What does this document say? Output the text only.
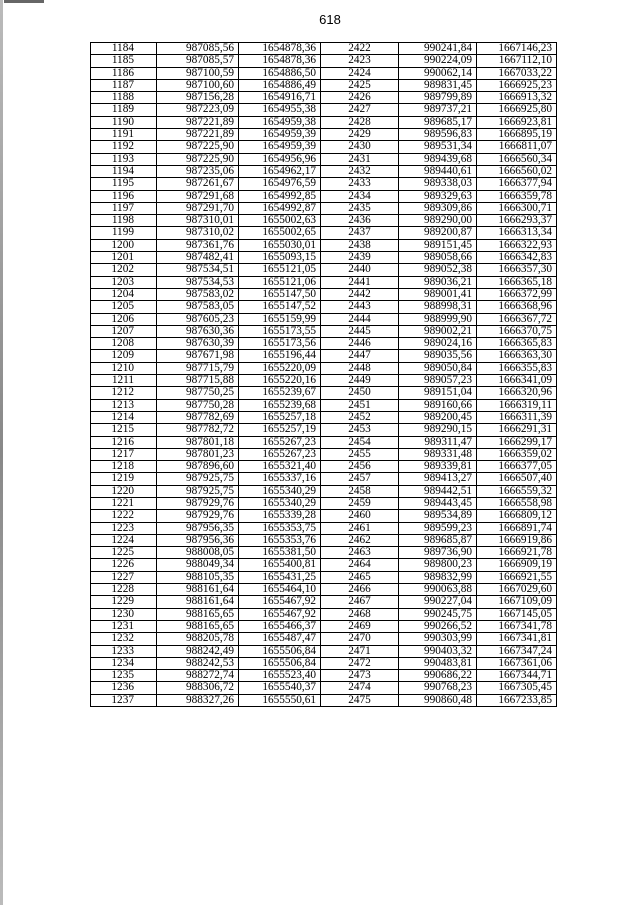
618
1184	987085,56	1654878,36	2422	990241,84	1667146,23
1185	987085,57	1654878,36	2423	990224,09	1667112,10
1186	987100,59	1654886,50	2424	990062,14	1667033,22
1187	987100,60	1654886,49	2425	989831,45	1666925,23
1188	987156,28	1654916,71	2426	989799,89	1666913,32
1189	987223,09	1654955,38	2427	989737,21	1666925,80
1190	987221,89	1654959,38	2428	989685,17	1666923,81
1191	987221,89	1654959,39	2429	989596,83	1666895,19
1192	987225,90	1654959,39	2430	989531,34	1666811,07
1193	987225,90	1654956,96	2431	989439,68	1666560,34
1194	987235,06	1654962,17	2432	989440,61	1666560,02
1195	987261,67	1654976,59	2433	989338,03	1666377,94
1196	987291,68	1654992,85	2434	989329,63	1666359,78
1197	987291,70	1654992,87	2435	989309,86	1666300,71
1198	987310,01	1655002,63	2436	989290,00	1666293,37
1199	987310,02	1655002,65	2437	989200,87	1666313,34
1200	987361,76	1655030,01	2438	989151,45	1666322,93
1201	987482,41	1655093,15	2439	989058,66	1666342,83
1202	987534,51	1655121,05	2440	989052,38	1666357,30
1203	987534,53	1655121,06	2441	989036,21	1666365,18
1204	987583,02	1655147,50	2442	989001,41	1666372,99
1205	987583,05	1655147,52	2443	988998,31	1666368,96
1206	987605,23	1655159,99	2444	988999,90	1666367,72
1207	987630,36	1655173,55	2445	989002,21	1666370,75
1208	987630,39	1655173,56	2446	989024,16	1666365,83
1209	987671,98	1655196,44	2447	989035,56	1666363,30
1210	987715,79	1655220,09	2448	989050,84	1666355,83
1211	987715,88	1655220,16	2449	989057,23	1666341,09
1212	987750,25	1655239,67	2450	989151,04	1666320,96
1213	987750,28	1655239,68	2451	989160,66	1666319,11
1214	987782,69	1655257,18	2452	989200,45	1666311,39
1215	987782,72	1655257,19	2453	989290,15	1666291,31
1216	987801,18	1655267,23	2454	989311,47	1666299,17
1217	987801,23	1655267,23	2455	989331,48	1666359,02
1218	987896,60	1655321,40	2456	989339,81	1666377,05
1219	987925,75	1655337,16	2457	989413,27	1666507,40
1220	987925,75	1655340,29	2458	989442,51	1666559,32
1221	987929,76	1655340,29	2459	989443,45	1666558,98
1222	987929,76	1655339,28	2460	989534,89	1666809,12
1223	987956,35	1655353,75	2461	989599,23	1666891,74
1224	987956,36	1655353,76	2462	989685,87	1666919,86
1225	988008,05	1655381,50	2463	989736,90	1666921,78
1226	988049,34	1655400,81	2464	989800,23	1666909,19
1227	988105,35	1655431,25	2465	989832,99	1666921,55
1228	988161,64	1655464,10	2466	990063,88	1667029,60
1229	988161,64	1655467,92	2467	990227,04	1667109,09
1230	988165,65	1655467,92	2468	990245,75	1667145,05
1231	988165,65	1655466,37	2469	990266,52	1667341,78
1232	988205,78	1655487,47	2470	990303,99	1667341,81
1233	988242,49	1655506,84	2471	990403,32	1667347,24
1234	988242,53	1655506,84	2472	990483,81	1667361,06
1235	988272,74	1655523,40	2473	990686,22	1667344,71
1236	988306,72	1655540,37	2474	990768,23	1667305,45
1237	988327,26	1655550,61	2475	990860,48	1667233,85
